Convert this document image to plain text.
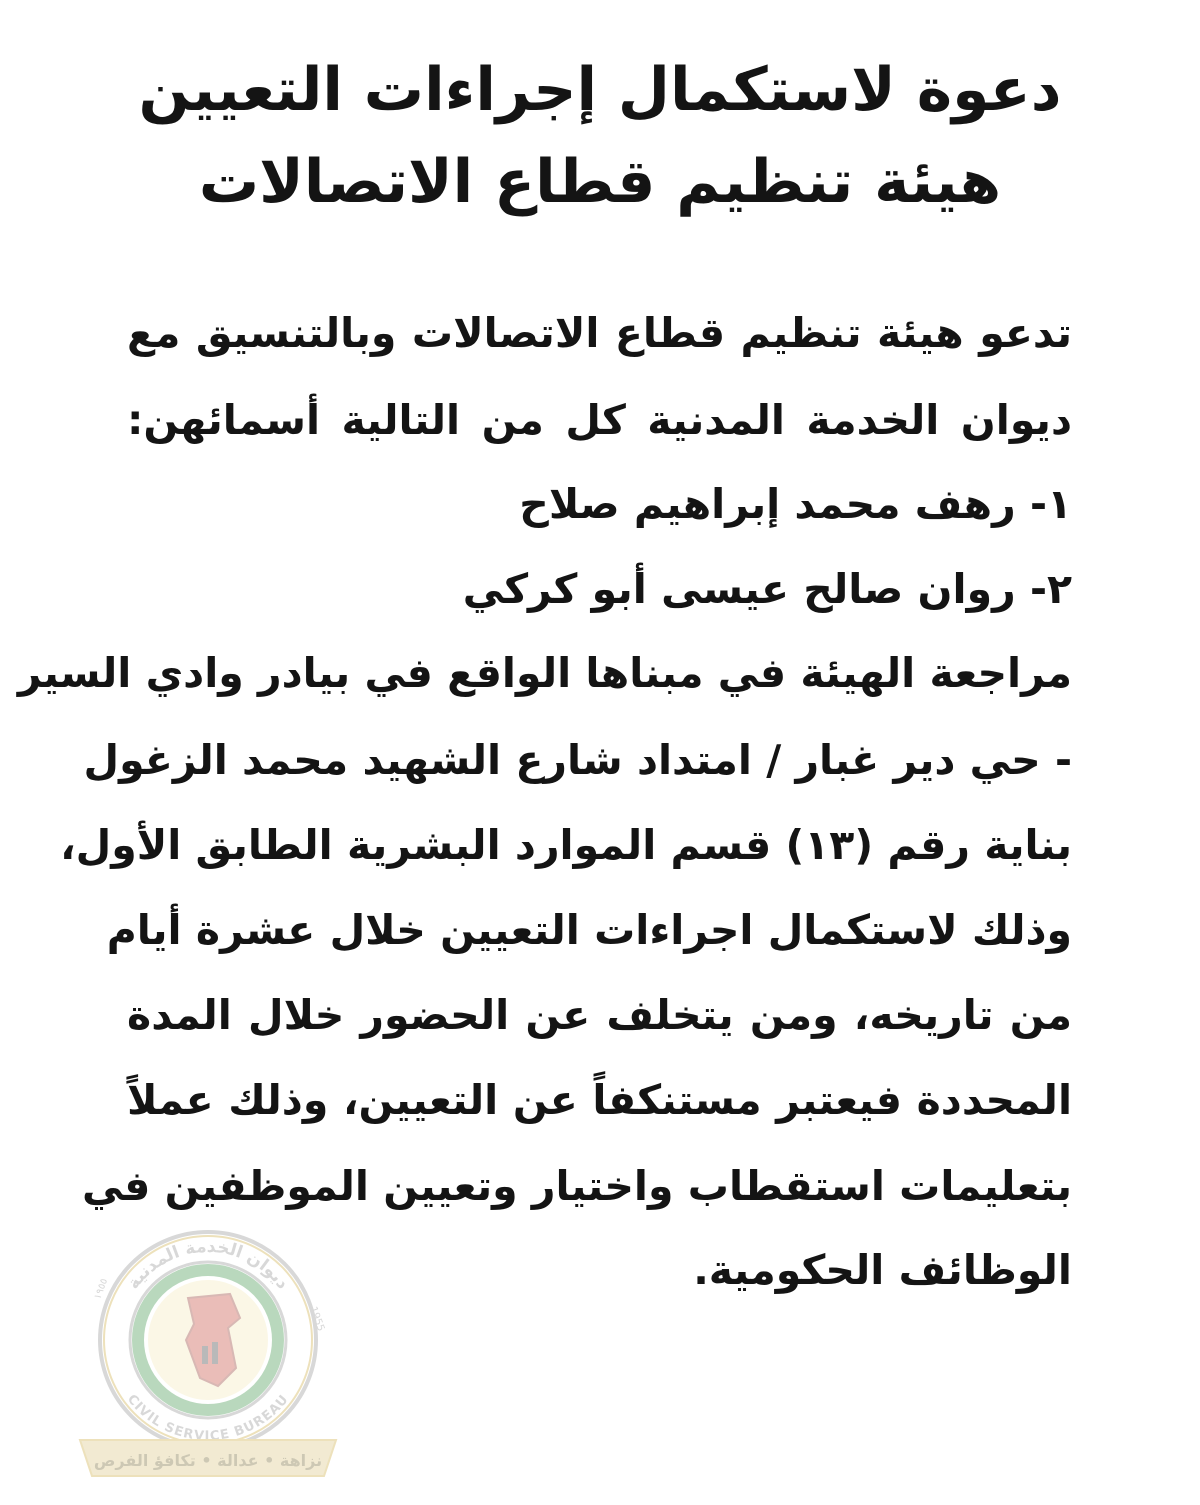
دعوة لاستكمال إجراءات التعيين
هيئة تنظيم قطاع الاتصالات

تدعو هيئة تنظيم قطاع الاتصالات وبالتنسيق مع

ديوان الخدمة المدنية كل من التالية أسمائهن:

١- رهف محمد إبراهيم صلاح

٢- روان صالح عيسى أبو كركي

مراجعة الهيئة في مبناها الواقع في بيادر وادي السير

- حي دير غبار / امتداد شارع الشهيد محمد الزغول

بناية رقم (١٣) قسم الموارد البشرية الطابق الأول،

وذلك لاستكمال اجراءات التعيين خلال عشرة أيام

من تاريخه، ومن يتخلف عن الحضور خلال المدة

المحددة فيعتبر مستنكفاً عن التعيين، وذلك عملاً

بتعليمات استقطاب واختيار وتعيين الموظفين في

الوظائف الحكومية.

ديوان الخدمة المدنية
CIVIL SERVICE BUREAU
1955
١٩٥٥
نزاهة • عدالة • تكافؤ الفرص
